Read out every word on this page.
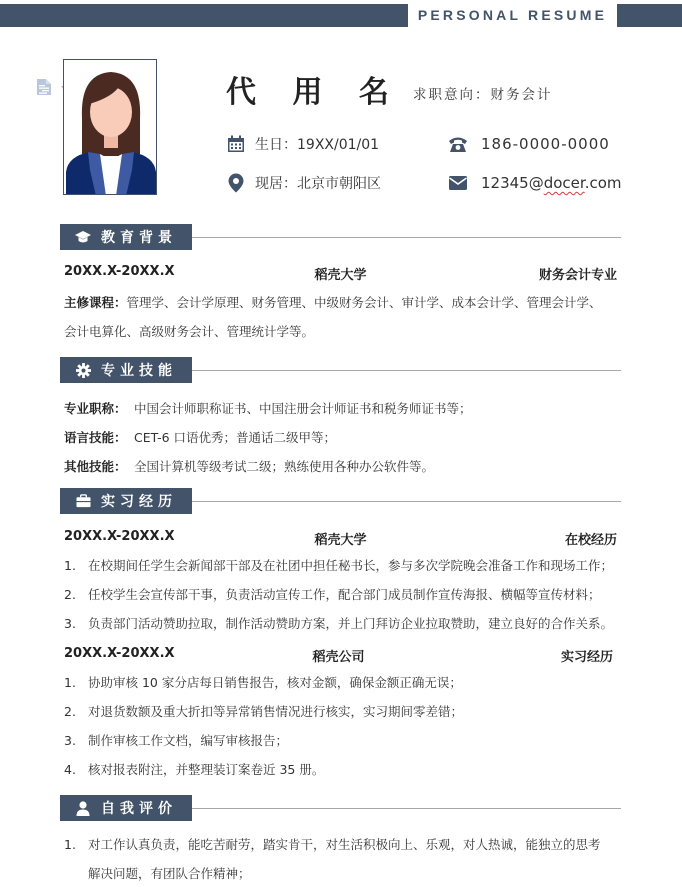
PERSONAL RESUME
代 用 名 求职意向：财务会计
生日：19XX/01/01
现居：北京市朝阳区
186-0000-0000
12345@docer.com
教育背景
20XX.X-20XX.X	稻壳大学	财务会计专业
主修课程：管理学、会计学原理、财务管理、中级财务会计、审计学、成本会计学、管理会计学、
会计电算化、高级财务会计、管理统计学等。
专业技能
专业职称： 中国会计师职称证书、中国注册会计师证书和税务师证书等；
语言技能： CET-6 口语优秀；普通话二级甲等；
其他技能： 全国计算机等级考试二级；熟练使用各种办公软件等。
实习经历
20XX.X-20XX.X	稻壳大学	在校经历
1. 在校期间任学生会新闻部干部及在社团中担任秘书长，参与多次学院晚会准备工作和现场工作；
2. 任校学生会宣传部干事，负责活动宣传工作，配合部门成员制作宣传海报、横幅等宣传材料；
3. 负责部门活动赞助拉取，制作活动赞助方案，并上门拜访企业拉取赞助，建立良好的合作关系。
20XX.X-20XX.X	稻壳公司	实习经历
1. 协助审核 10 家分店每日销售报告，核对金额，确保金额正确无误；
2. 对退货数额及重大折扣等异常销售情况进行核实，实习期间零差错；
3. 制作审核工作文档，编写审核报告；
4. 核对报表附注，并整理装订案卷近 35 册。
自我评价
1. 对工作认真负责，能吃苦耐劳，踏实肯干，对生活积极向上、乐观，对人热诚，能独立的思考
解决问题，有团队合作精神；
